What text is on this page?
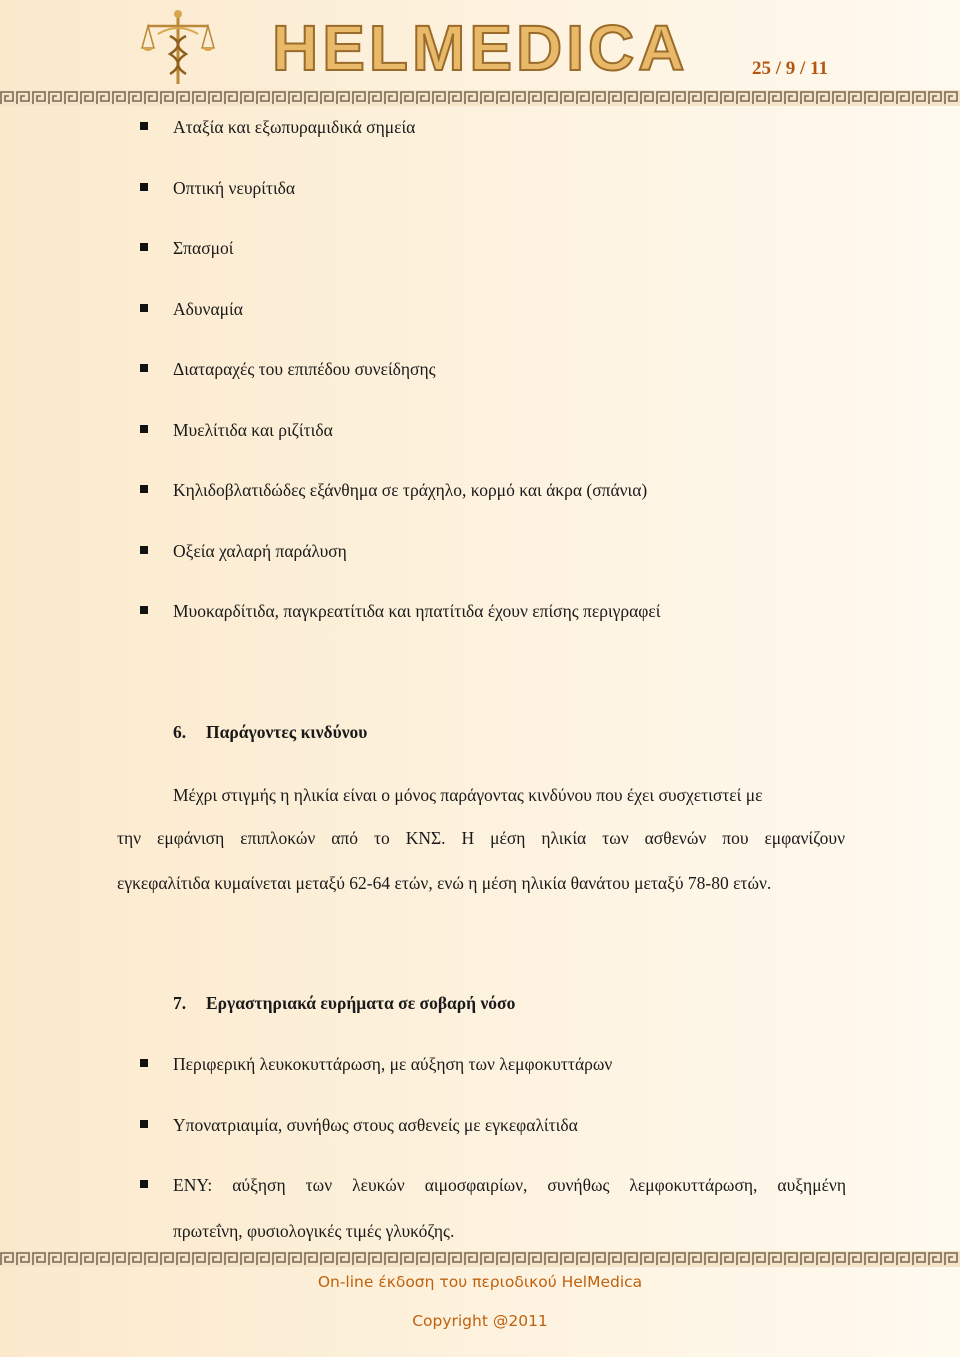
HELMEDICA	25 / 9 / 11
Αταξία και εξωπυραμιδικά σημεία
Οπτική νευρίτιδα
Σπασμοί
Αδυναμία
Διαταραχές του επιπέδου συνείδησης
Μυελίτιδα και ριζίτιδα
Κηλιδοβλατιδώδες εξάνθημα σε τράχηλο, κορμό και άκρα (σπάνια)
Οξεία χαλαρή παράλυση
Μυοκαρδίτιδα, παγκρεατίτιδα και ηπατίτιδα έχουν επίσης περιγραφεί
6. Παράγοντες κινδύνου
Μέχρι στιγμής η ηλικία είναι ο μόνος παράγοντας κινδύνου που έχει συσχετιστεί με
την εμφάνιση επιπλοκών από το ΚΝΣ. Η μέση ηλικία των ασθενών που εμφανίζουν
εγκεφαλίτιδα κυμαίνεται μεταξύ 62-64 ετών, ενώ η μέση ηλικία θανάτου μεταξύ 78-80 ετών.
7. Εργαστηριακά ευρήματα σε σοβαρή νόσο
Περιφερική λευκοκυττάρωση, με αύξηση των λεμφοκυττάρων
Υπονατριαιμία, συνήθως στους ασθενείς με εγκεφαλίτιδα
ΕΝΥ: αύξηση των λευκών αιμοσφαιρίων, συνήθως λεμφοκυττάρωση, αυξημένη
πρωτεΐνη, φυσιολογικές τιμές γλυκόζης.
On-line έκδοση του περιοδικού HelMedica
Copyright @2011
